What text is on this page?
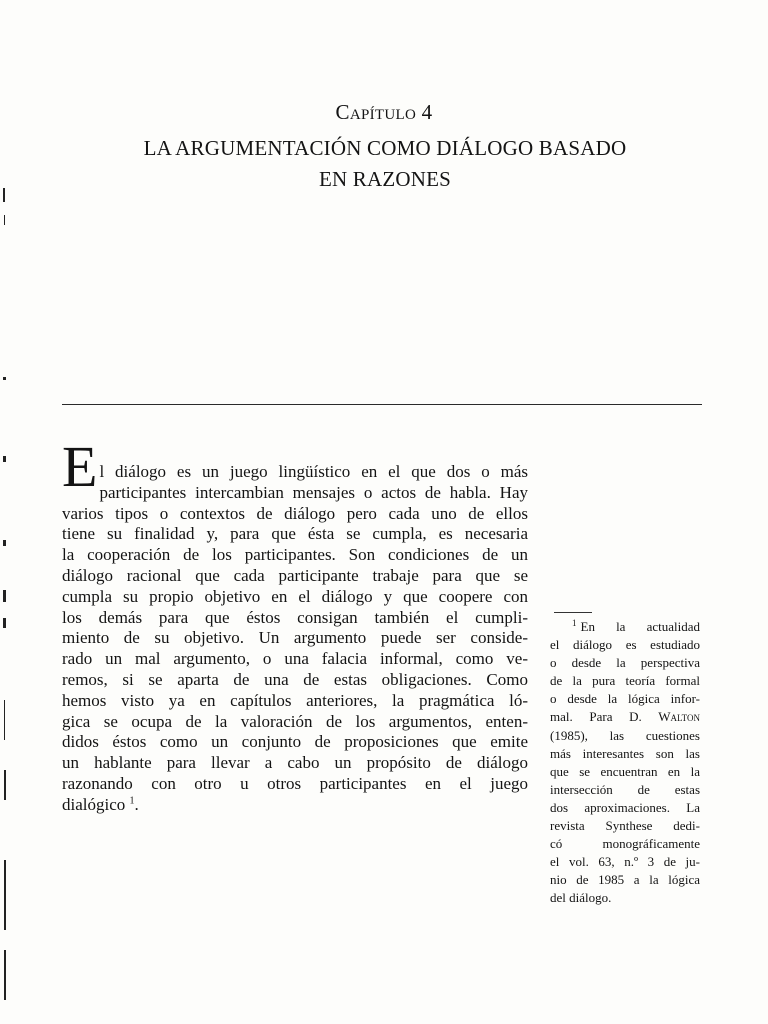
Capítulo 4
LA ARGUMENTACIÓN COMO DIÁLOGO BASADO
EN RAZONES
E l diálogo es un juego lingüístico en el que dos o más
participantes intercambian mensajes o actos de habla. Hay
varios tipos o contextos de diálogo pero cada uno de ellos
tiene su finalidad y, para que ésta se cumpla, es necesaria
la cooperación de los participantes. Son condiciones de un
diálogo racional que cada participante trabaje para que se
cumpla su propio objetivo en el diálogo y que coopere con
los demás para que éstos consigan también el cumpli-
miento de su objetivo. Un argumento puede ser conside-
rado un mal argumento, o una falacia informal, como ve-
remos, si se aparta de una de estas obligaciones. Como
hemos visto ya en capítulos anteriores, la pragmática ló-
gica se ocupa de la valoración de los argumentos, enten-
didos éstos como un conjunto de proposiciones que emite
un hablante para llevar a cabo un propósito de diálogo
razonando con otro u otros participantes en el juego
dialógico $^1$.
$^1$ En la actualidad
el diálogo es estudiado
o desde la perspectiva
de la pura teoría formal
o desde la lógica infor-
mal. Para D. Walton
(1985), las cuestiones
más interesantes son las
que se encuentran en la
intersección de estas
dos aproximaciones. La
revista Synthese dedi-
có monográficamente
el vol. 63, n.º 3 de ju-
nio de 1985 a la lógica
del diálogo.
